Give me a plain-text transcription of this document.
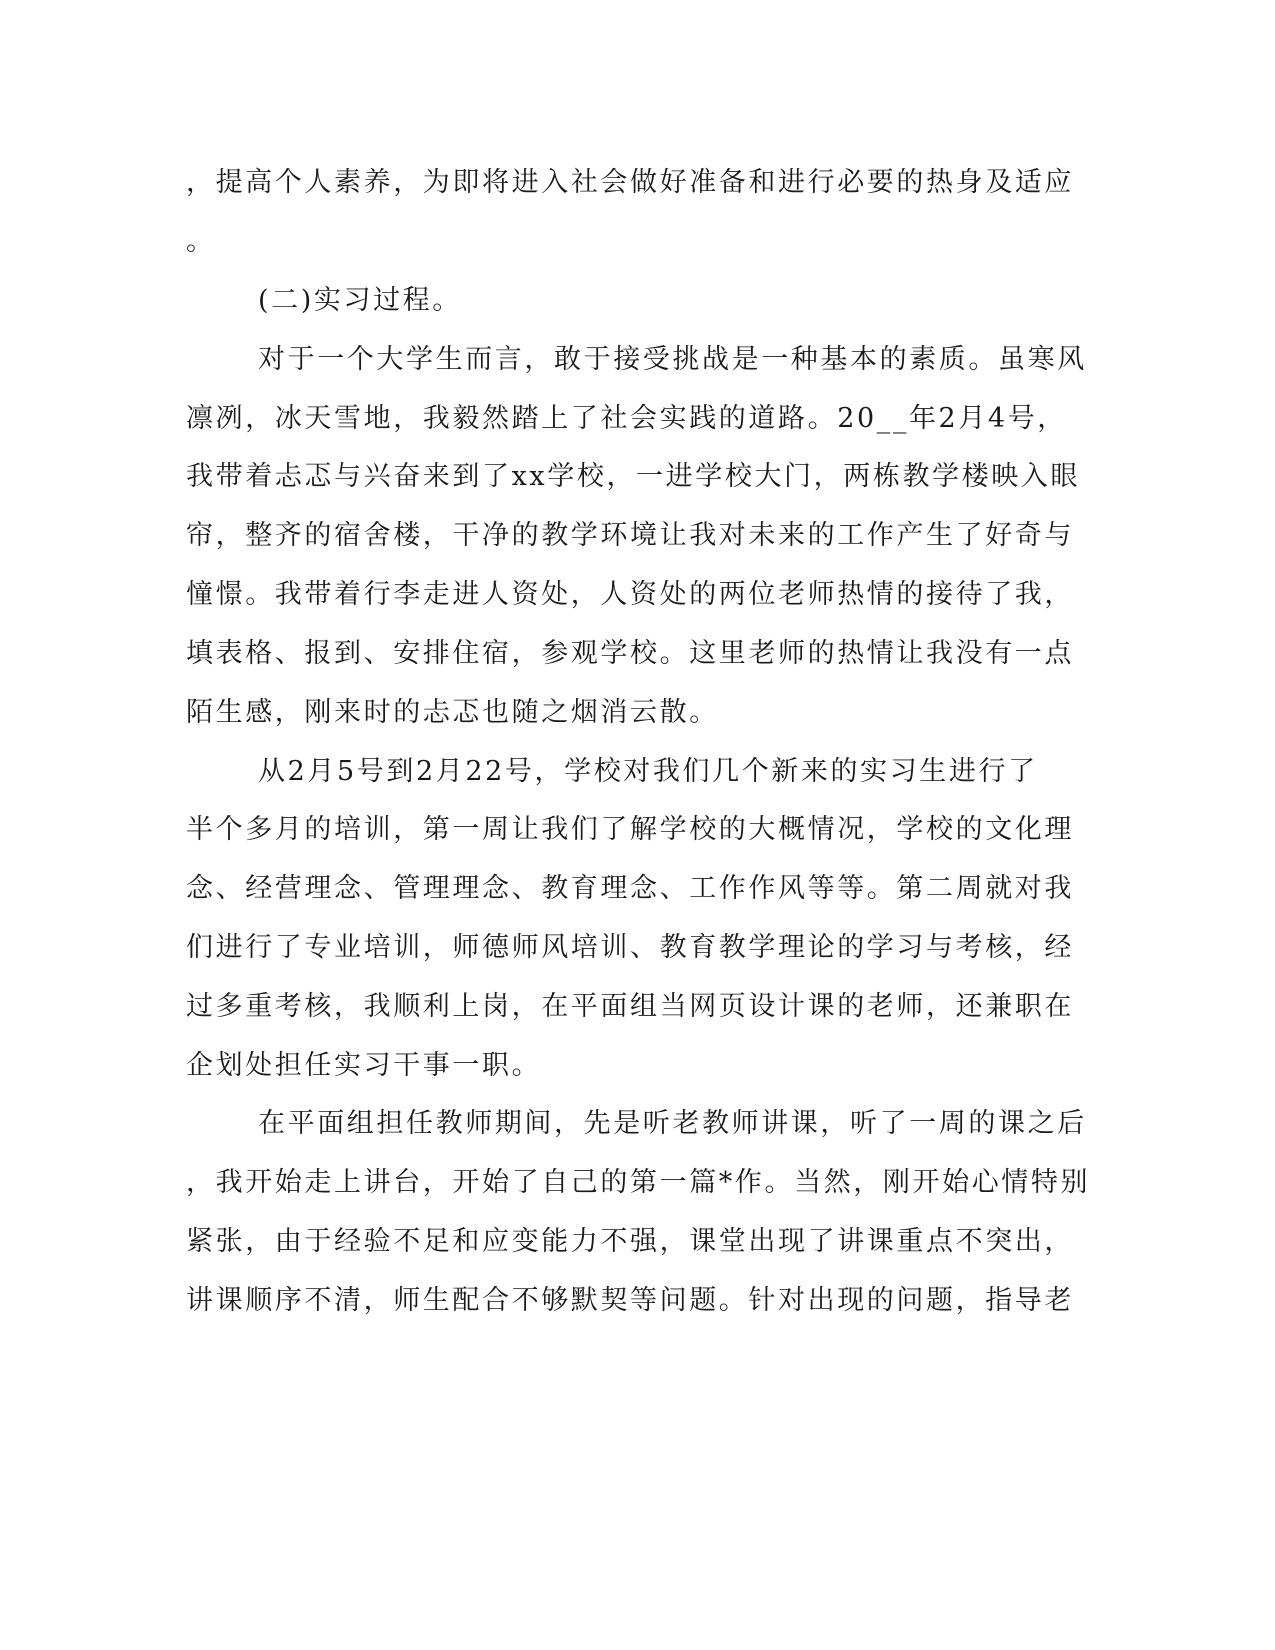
，提高个人素养，为即将进入社会做好准备和进行必要的热身及适应
。
(二)实习过程。
对于一个大学生而言，敢于接受挑战是一种基本的素质。虽寒风
凛冽，冰天雪地，我毅然踏上了社会实践的道路。20__年2月4号，
我带着忐忑与兴奋来到了xx学校，一进学校大门，两栋教学楼映入眼
帘，整齐的宿舍楼，干净的教学环境让我对未来的工作产生了好奇与
憧憬。我带着行李走进人资处，人资处的两位老师热情的接待了我，
填表格、报到、安排住宿，参观学校。这里老师的热情让我没有一点
陌生感，刚来时的忐忑也随之烟消云散。
从2月5号到2月22号，学校对我们几个新来的实习生进行了
半个多月的培训，第一周让我们了解学校的大概情况，学校的文化理
念、经营理念、管理理念、教育理念、工作作风等等。第二周就对我
们进行了专业培训，师德师风培训、教育教学理论的学习与考核，经
过多重考核，我顺利上岗，在平面组当网页设计课的老师，还兼职在
企划处担任实习干事一职。
在平面组担任教师期间，先是听老教师讲课，听了一周的课之后
，我开始走上讲台，开始了自己的第一篇*作。当然，刚开始心情特别
紧张，由于经验不足和应变能力不强，课堂出现了讲课重点不突出，
讲课顺序不清，师生配合不够默契等问题。针对出现的问题，指导老
